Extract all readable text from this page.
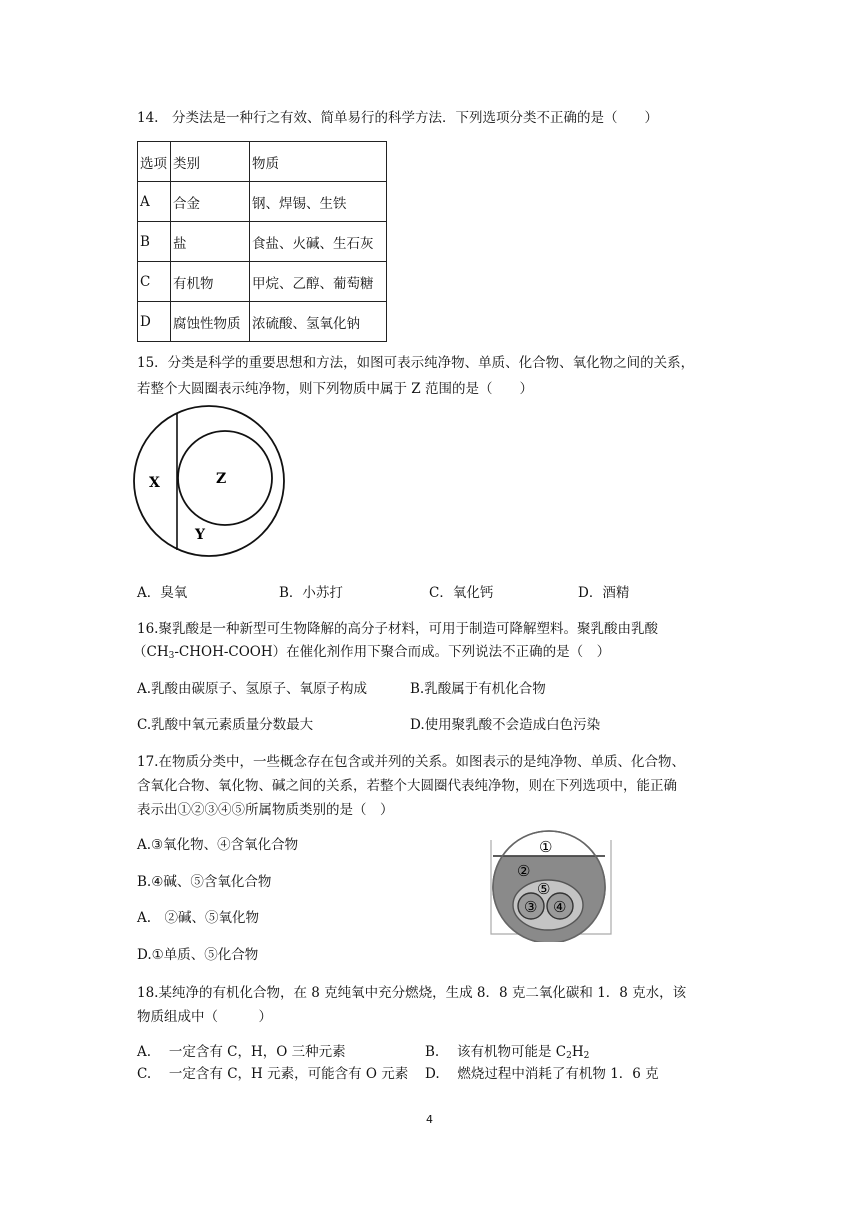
14.　分类法是一种行之有效、简单易行的科学方法．下列选项分类不正确的是（　　）
选项	类别	物质
A	合金	钢、焊锡、生铁
B	盐	食盐、火碱、生石灰
C	有机物	甲烷、乙醇、葡萄糖
D	腐蚀性物质	浓硫酸、氢氧化钠
15．分类是科学的重要思想和方法，如图可表示纯净物、单质、化合物、氧化物之间的关系，
若整个大圆圈表示纯净物，则下列物质中属于 Z 范围的是（　　）
X	Z
Y
A．臭氧	B．小苏打	C．氧化钙	D．酒精
16.聚乳酸是一种新型可生物降解的高分子材料，可用于制造可降解塑料。聚乳酸由乳酸
$(CH_3-CHOH-COOH)$在催化剂作用下聚合而成。下列说法不正确的是（　）
A.乳酸由碳原子、氢原子、氧原子构成	B.乳酸属于有机化合物
C.乳酸中氧元素质量分数最大	D.使用聚乳酸不会造成白色污染
17.在物质分类中，一些概念存在包含或并列的关系。如图表示的是纯净物、单质、化合物、
含氧化合物、氧化物、碱之间的关系，若整个大圆圈代表纯净物，则在下列选项中，能正确
表示出①②③④⑤所属物质类别的是（　）
A.③氧化物、④含氧化合物
B.④碱、⑤含氧化合物
A.　②碱、⑤氧化物
D.①单质、⑤化合物
①
②
⑤
③ ④
18.某纯净的有机化合物，在 8 克纯氧中充分燃烧，生成 8．8 克二氧化碳和 1．8 克水，该
物质组成中（　　　）
A.　 一定含有 C，H，O 三种元素	B.　 该有机物可能是 $C_2H_2$
C.　 一定含有 C，H 元素，可能含有 O 元素 D.　 燃烧过程中消耗了有机物 1．6 克
4
